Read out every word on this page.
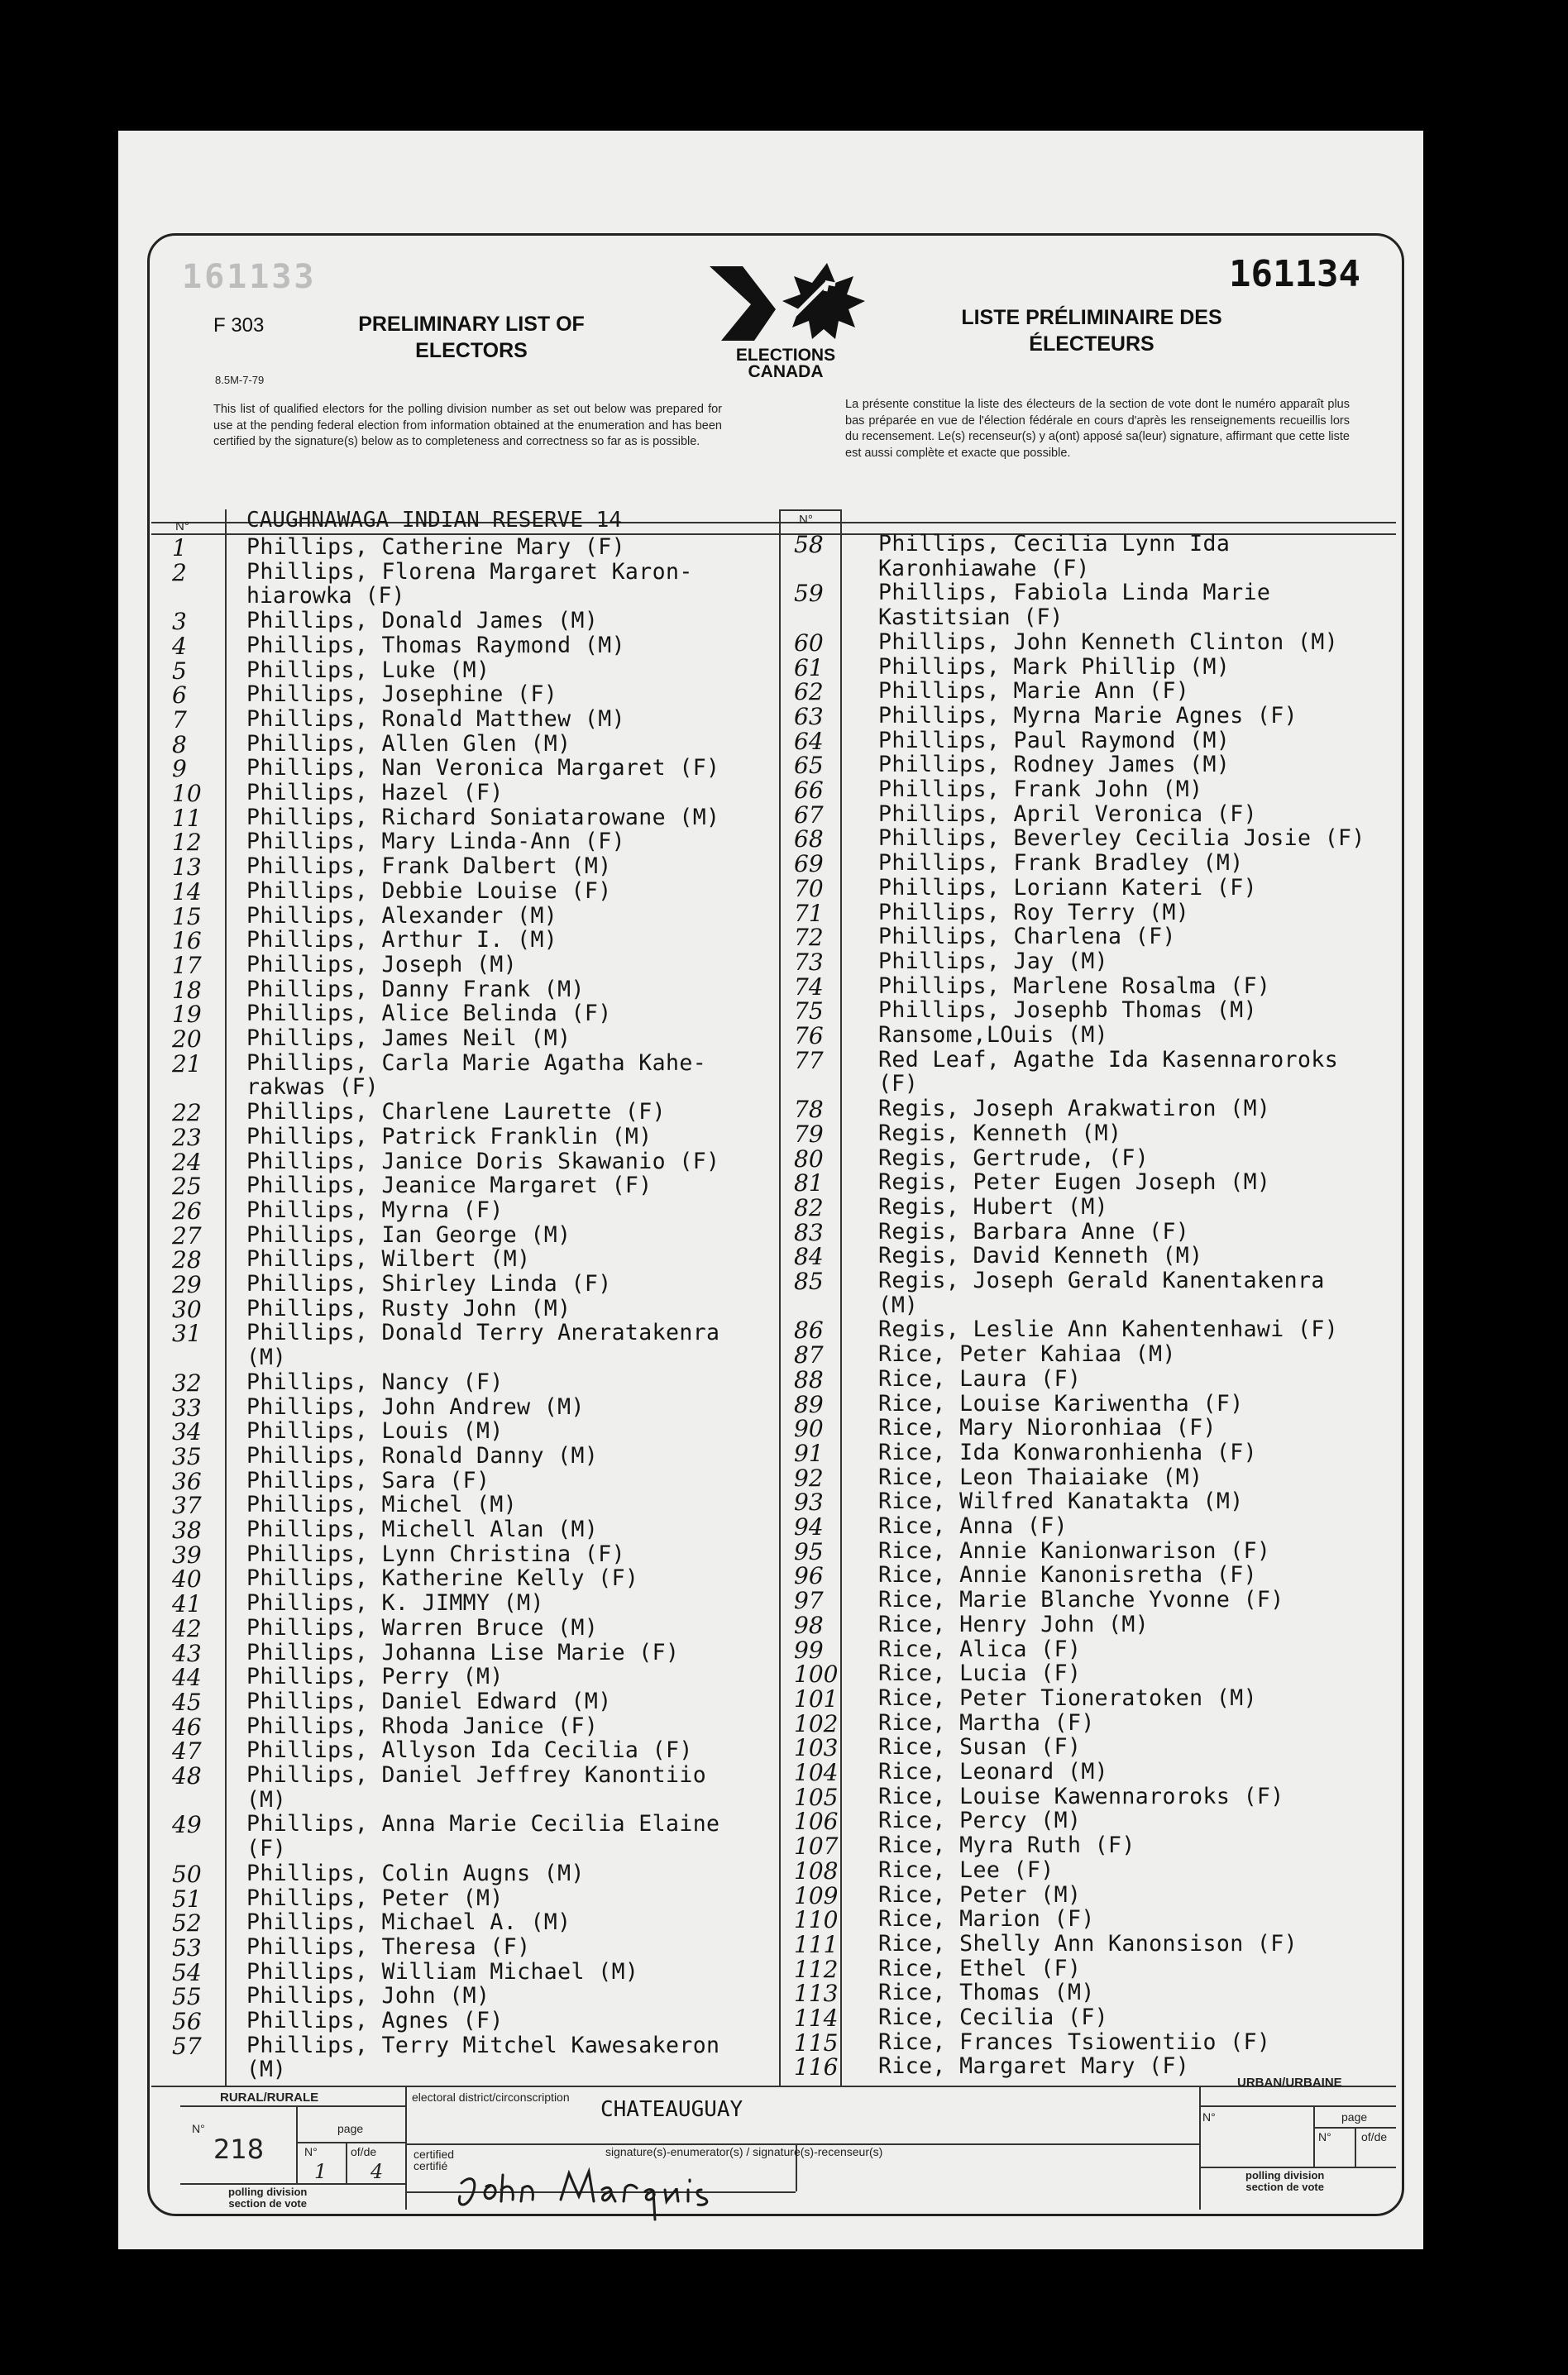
161133	161134
F 303
8.5M-7-79
PRELIMINARY LIST OF
ELECTORS
LISTE PRÉLIMINAIRE DES
ÉLECTEURS
ELECTIONS
CANADA
This list of qualified electors for the polling division number as set out below was prepared for use at the pending federal election from information obtained at the enumeration and has been certified by the signature(s) below as to completeness and correctness so far as is possible.
La présente constitue la liste des électeurs de la section de vote dont le numéro apparaît plus bas préparée en vue de l'élection fédérale en cours d'après les renseignements recueillis lors du recensement. Le(s) recenseur(s) y a(ont) apposé sa(leur) signature, affirmant que cette liste est aussi complète et exacte que possible.
N°	N°
CAUGHNAWAGA INDIAN RESERVE 14
1	Phillips, Catherine Mary (F)
2	Phillips, Florena Margaret Karon-
hiarowka (F)
3	Phillips, Donald James (M)
4	Phillips, Thomas Raymond (M)
5	Phillips, Luke (M)
6	Phillips, Josephine (F)
7	Phillips, Ronald Matthew (M)
8	Phillips, Allen Glen (M)
9	Phillips, Nan Veronica Margaret (F)
10	Phillips, Hazel (F)
11	Phillips, Richard Soniatarowane (M)
12	Phillips, Mary Linda-Ann (F)
13	Phillips, Frank Dalbert (M)
14	Phillips, Debbie Louise (F)
15	Phillips, Alexander (M)
16	Phillips, Arthur I. (M)
17	Phillips, Joseph (M)
18	Phillips, Danny Frank (M)
19	Phillips, Alice Belinda (F)
20	Phillips, James Neil (M)
21	Phillips, Carla Marie Agatha Kahe-
rakwas (F)
22	Phillips, Charlene Laurette (F)
23	Phillips, Patrick Franklin (M)
24	Phillips, Janice Doris Skawanio (F)
25	Phillips, Jeanice Margaret (F)
26	Phillips, Myrna (F)
27	Phillips, Ian George (M)
28	Phillips, Wilbert (M)
29	Phillips, Shirley Linda (F)
30	Phillips, Rusty John (M)
31	Phillips, Donald Terry Aneratakenra
(M)
32	Phillips, Nancy (F)
33	Phillips, John Andrew (M)
34	Phillips, Louis (M)
35	Phillips, Ronald Danny (M)
36	Phillips, Sara (F)
37	Phillips, Michel (M)
38	Phillips, Michell Alan (M)
39	Phillips, Lynn Christina (F)
40	Phillips, Katherine Kelly (F)
41	Phillips, K. JIMMY (M)
42	Phillips, Warren Bruce (M)
43	Phillips, Johanna Lise Marie (F)
44	Phillips, Perry (M)
45	Phillips, Daniel Edward (M)
46	Phillips, Rhoda Janice (F)
47	Phillips, Allyson Ida Cecilia (F)
48	Phillips, Daniel Jeffrey Kanontiio
(M)
49	Phillips, Anna Marie Cecilia Elaine
(F)
50	Phillips, Colin Augns (M)
51	Phillips, Peter (M)
52	Phillips, Michael A. (M)
53	Phillips, Theresa (F)
54	Phillips, William Michael (M)
55	Phillips, John (M)
56	Phillips, Agnes (F)
57	Phillips, Terry Mitchel Kawesakeron
(M)
58	Phillips, Cecilia Lynn Ida
Karonhiawahe (F)
59	Phillips, Fabiola Linda Marie
Kastitsian (F)
60	Phillips, John Kenneth Clinton (M)
61	Phillips, Mark Phillip (M)
62	Phillips, Marie Ann (F)
63	Phillips, Myrna Marie Agnes (F)
64	Phillips, Paul Raymond (M)
65	Phillips, Rodney James (M)
66	Phillips, Frank John (M)
67	Phillips, April Veronica (F)
68	Phillips, Beverley Cecilia Josie (F)
69	Phillips, Frank Bradley (M)
70	Phillips, Loriann Kateri (F)
71	Phillips, Roy Terry (M)
72	Phillips, Charlena (F)
73	Phillips, Jay (M)
74	Phillips, Marlene Rosalma (F)
75	Phillips, Josephb Thomas (M)
76	Ransome,LOuis (M)
77	Red Leaf, Agathe Ida Kasennaroroks
(F)
78	Regis, Joseph Arakwatiron (M)
79	Regis, Kenneth (M)
80	Regis, Gertrude, (F)
81	Regis, Peter Eugen Joseph (M)
82	Regis, Hubert (M)
83	Regis, Barbara Anne (F)
84	Regis, David Kenneth (M)
85	Regis, Joseph Gerald Kanentakenra
(M)
86	Regis, Leslie Ann Kahentenhawi (F)
87	Rice, Peter Kahiaa (M)
88	Rice, Laura (F)
89	Rice, Louise Kariwentha (F)
90	Rice, Mary Nioronhiaa (F)
91	Rice, Ida Konwaronhienha (F)
92	Rice, Leon Thaiaiake (M)
93	Rice, Wilfred Kanatakta (M)
94	Rice, Anna (F)
95	Rice, Annie Kanionwarison (F)
96	Rice, Annie Kanonisretha (F)
97	Rice, Marie Blanche Yvonne (F)
98	Rice, Henry John (M)
99	Rice, Alica (F)
100	Rice, Lucia (F)
101	Rice, Peter Tioneratoken (M)
102	Rice, Martha (F)
103	Rice, Susan (F)
104	Rice, Leonard (M)
105	Rice, Louise Kawennaroroks (F)
106	Rice, Percy (M)
107	Rice, Myra Ruth (F)
108	Rice, Lee (F)
109	Rice, Peter (M)
110	Rice, Marion (F)
111	Rice, Shelly Ann Kanonsison (F)
112	Rice, Ethel (F)
113	Rice, Thomas (M)
114	Rice, Cecilia (F)
115	Rice, Frances Tsiowentiio (F)
116	Rice, Margaret Mary (F)
RURAL/RURALE
URBAN/URBAINE
electoral district/circonscription CHATEAUGUAY
N°	page
N°	of/de
N°	page
N°	of/de
218
1 4
polling division
section de vote
polling division
section de vote
certified
certifié
signature(s)-enumerator(s) / signature(s)-recenseur(s)
